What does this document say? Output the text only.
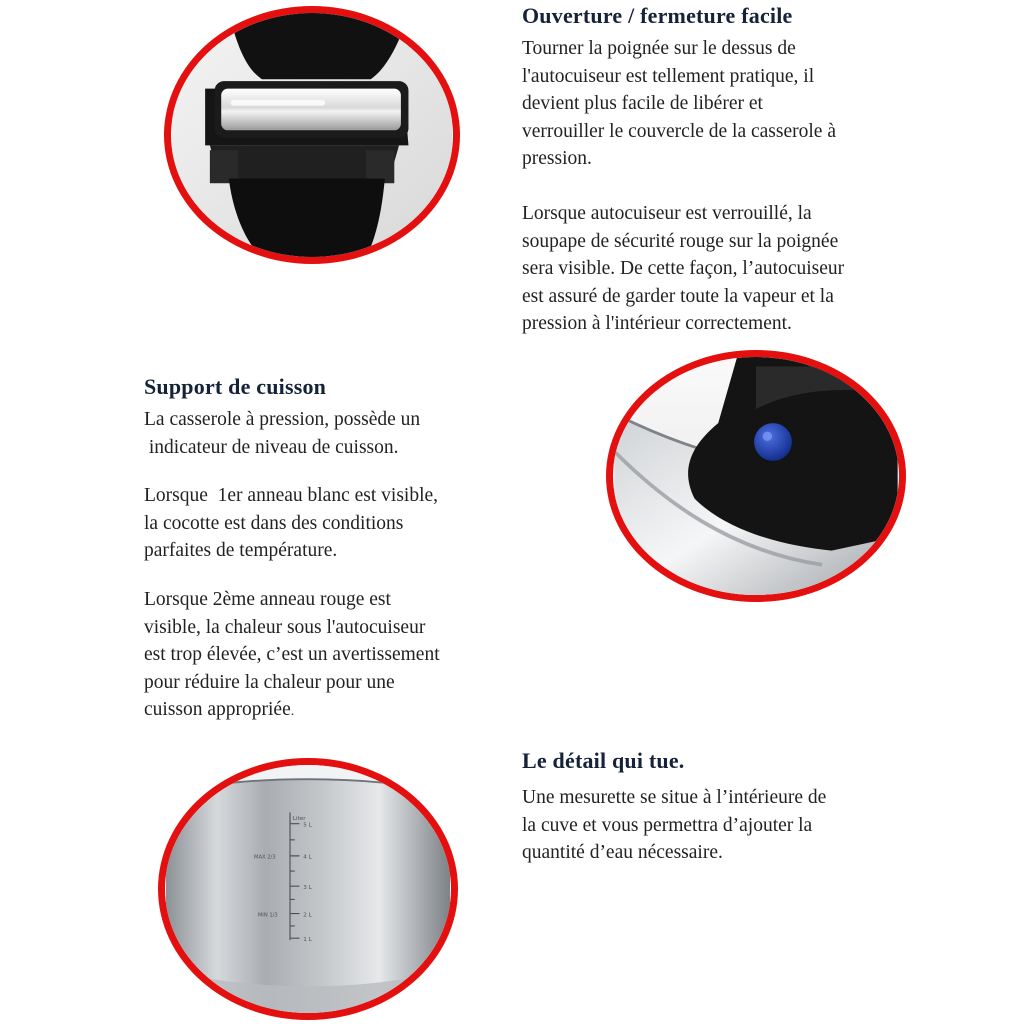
Ouverture / fermeture facile

Tourner la poignée sur le dessus de
l'autocuiseur est tellement pratique, il
devient plus facile de libérer et
verrouiller le couvercle de la casserole à
pression.

Lorsque autocuiseur est verrouillé, la
soupape de sécurité rouge sur la poignée
sera visible. De cette façon, l’autocuiseur
est assuré de garder toute la vapeur et la
pression à l'intérieur correctement.

Support de cuisson

La casserole à pression, possède un
indicateur de niveau de cuisson.

Lorsque  1er anneau blanc est visible,
la cocotte est dans des conditions
parfaites de température.

Lorsque 2ème anneau rouge est
visible, la chaleur sous l'autocuiseur
est trop élevée, c’est un avertissement
pour réduire la chaleur pour une
cuisson appropriée.

Liter
MAX 2/3
MIN 1/3
5 L
4 L
3 L
2 L
1 L
Le détail qui tue.

Une mesurette se situe à l’intérieure de
la cuve et vous permettra d’ajouter la
quantité d’eau nécessaire.
